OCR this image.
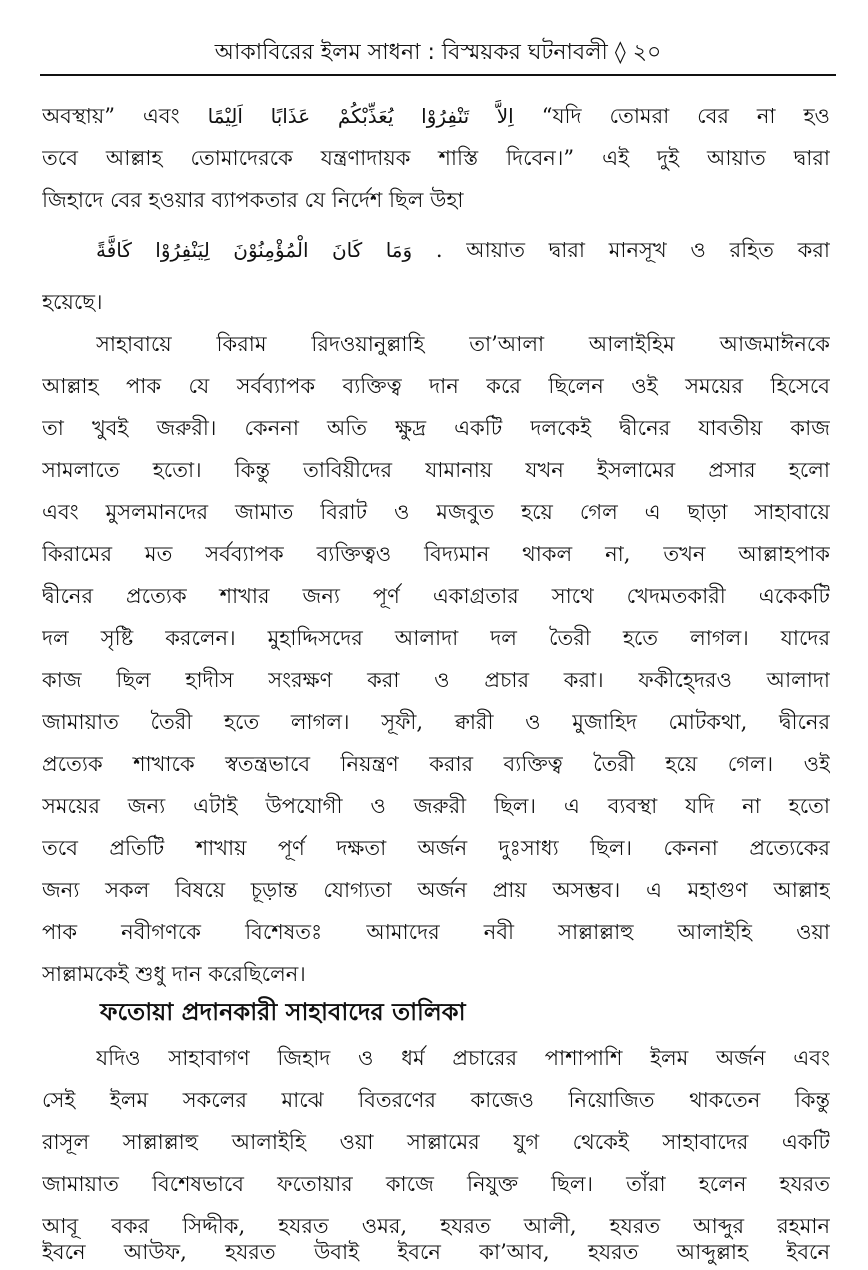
আকাবিরের ইলম সাধনা : বিস্ময়কর ঘটনাবলী ◊ ২০
অবস্থায়” এবং اِلاَّ تَنْفِرُوْا يُعَذِّبْكُمْ عَذَابًا اَلِيْمًا “যদি তোমরা বের না হও
তবে আল্লাহ তোমাদেরকে যন্ত্রণাদায়ক শাস্তি দিবেন।” এই দুই আয়াত দ্বারা
জিহাদে বের হওয়ার ব্যাপকতার যে নির্দেশ ছিল উহা
وَمَا كَانَ الْمُؤْمِنُوْنَ لِيَنْفِرُوْا كَافَّةً . আয়াত দ্বারা মানসূখ ও রহিত করা
হয়েছে।
সাহাবায়ে কিরাম রিদওয়ানুল্লাহি তা’আলা আলাইহিম আজমাঈনকে
আল্লাহ পাক যে সর্বব্যাপক ব্যক্তিত্ব দান করে ছিলেন ওই সময়ের হিসেবে
তা খুবই জরুরী। কেননা অতি ক্ষুদ্র একটি দলকেই দ্বীনের যাবতীয় কাজ
সামলাতে হতো। কিন্তু তাবিয়ীদের যামানায় যখন ইসলামের প্রসার হলো
এবং মুসলমানদের জামাত বিরাট ও মজবুত হয়ে গেল এ ছাড়া সাহাবায়ে
কিরামের মত সর্বব্যাপক ব্যক্তিত্বও বিদ্যমান থাকল না, তখন আল্লাহপাক
দ্বীনের প্রত্যেক শাখার জন্য পূর্ণ একাগ্রতার সাথে খেদমতকারী একেকটি
দল সৃষ্টি করলেন। মুহাদ্দিসদের আলাদা দল তৈরী হতে লাগল। যাদের
কাজ ছিল হাদীস সংরক্ষণ করা ও প্রচার করা। ফকীহ্দেরও আলাদা
জামায়াত তৈরী হতে লাগল। সূফী, ক্বারী ও মুজাহিদ মোটকথা, দ্বীনের
প্রত্যেক শাখাকে স্বতন্ত্রভাবে নিয়ন্ত্রণ করার ব্যক্তিত্ব তৈরী হয়ে গেল। ওই
সময়ের জন্য এটাই উপযোগী ও জরুরী ছিল। এ ব্যবস্থা যদি না হতো
তবে প্রতিটি শাখায় পূর্ণ দক্ষতা অর্জন দুঃসাধ্য ছিল। কেননা প্রত্যেকের
জন্য সকল বিষয়ে চূড়ান্ত যোগ্যতা অর্জন প্রায় অসম্ভব। এ মহাগুণ আল্লাহ
পাক নবীগণকে বিশেষতঃ আমাদের নবী সাল্লাল্লাহু আলাইহি ওয়া
সাল্লামকেই শুধু দান করেছিলেন।
ফতোয়া প্রদানকারী সাহাবাদের তালিকা
যদিও সাহাবাগণ জিহাদ ও ধর্ম প্রচারের পাশাপাশি ইলম অর্জন এবং
সেই ইলম সকলের মাঝে বিতরণের কাজেও নিয়োজিত থাকতেন কিন্তু
রাসূল সাল্লাল্লাহু আলাইহি ওয়া সাল্লামের যুগ থেকেই সাহাবাদের একটি
জামায়াত বিশেষভাবে ফতোয়ার কাজে নিযুক্ত ছিল। তাঁরা হলেন হযরত
আবূ বকর সিদ্দীক, হযরত ওমর, হযরত আলী, হযরত আব্দুর রহমান
ইবনে আউফ, হযরত উবাই ইবনে কা’আব, হযরত আব্দুল্লাহ ইবনে
